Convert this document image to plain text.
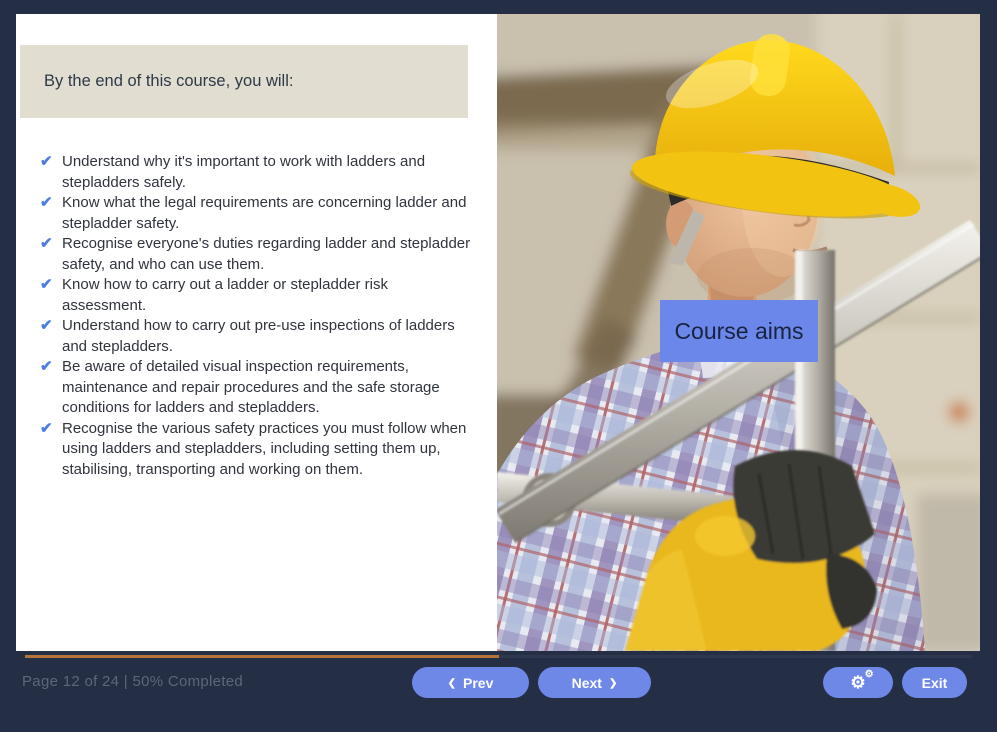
By the end of this course, you will:
✔ Understand why it's important to work with ladders and stepladders safely.
✔ Know what the legal requirements are concerning ladder and stepladder safety.
✔ Recognise everyone's duties regarding ladder and stepladder safety, and who can use them.
✔ Know how to carry out a ladder or stepladder risk assessment.
✔ Understand how to carry out pre-use inspections of ladders and stepladders.
✔ Be aware of detailed visual inspection requirements, maintenance and repair procedures and the safe storage conditions for ladders and stepladders.
✔ Recognise the various safety practices you must follow when using ladders and stepladders, including setting them up, stabilising, transporting and working on them.
Course aims
Page 12 of 24 | 50% Completed	❮ Prev	Next ❯	⚙ ⚙	Exit
